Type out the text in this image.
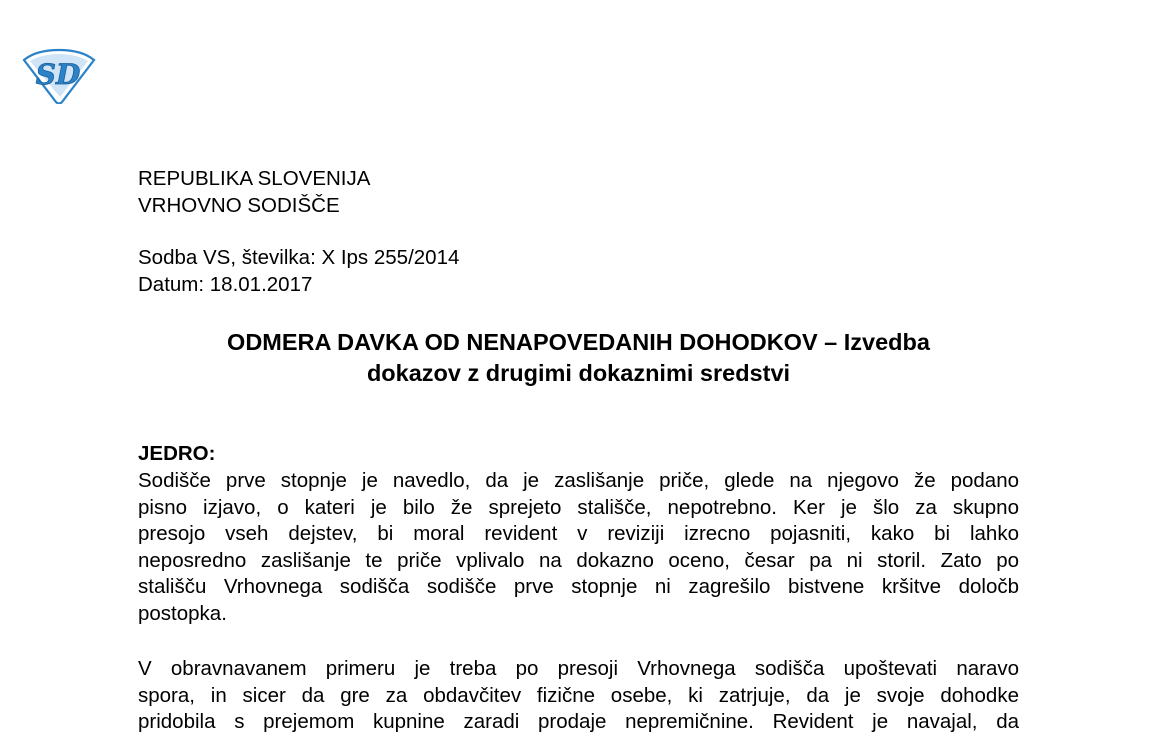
SD
REPUBLIKA SLOVENIJA
VRHOVNO SODIŠČE
Sodba VS, številka: X Ips 255/2014
Datum: 18.01.2017
ODMERA DAVKA OD NENAPOVEDANIH DOHODKOV – Izvedba
dokazov z drugimi dokaznimi sredstvi
JEDRO:
Sodišče prve stopnje je navedlo, da je zaslišanje priče, glede na njegovo že podano
pisno izjavo, o kateri je bilo že sprejeto stališče, nepotrebno. Ker je šlo za skupno
presojo vseh dejstev, bi moral revident v reviziji izrecno pojasniti, kako bi lahko
neposredno zaslišanje te priče vplivalo na dokazno oceno, česar pa ni storil. Zato po
stališču Vrhovnega sodišča sodišče prve stopnje ni zagrešilo bistvene kršitve določb
postopka.
V obravnavanem primeru je treba po presoji Vrhovnega sodišča upoštevati naravo
spora, in sicer da gre za obdavčitev fizične osebe, ki zatrjuje, da je svoje dohodke
pridobila s prejemom kupnine zaradi prodaje nepremičnine. Revident je navajal, da
